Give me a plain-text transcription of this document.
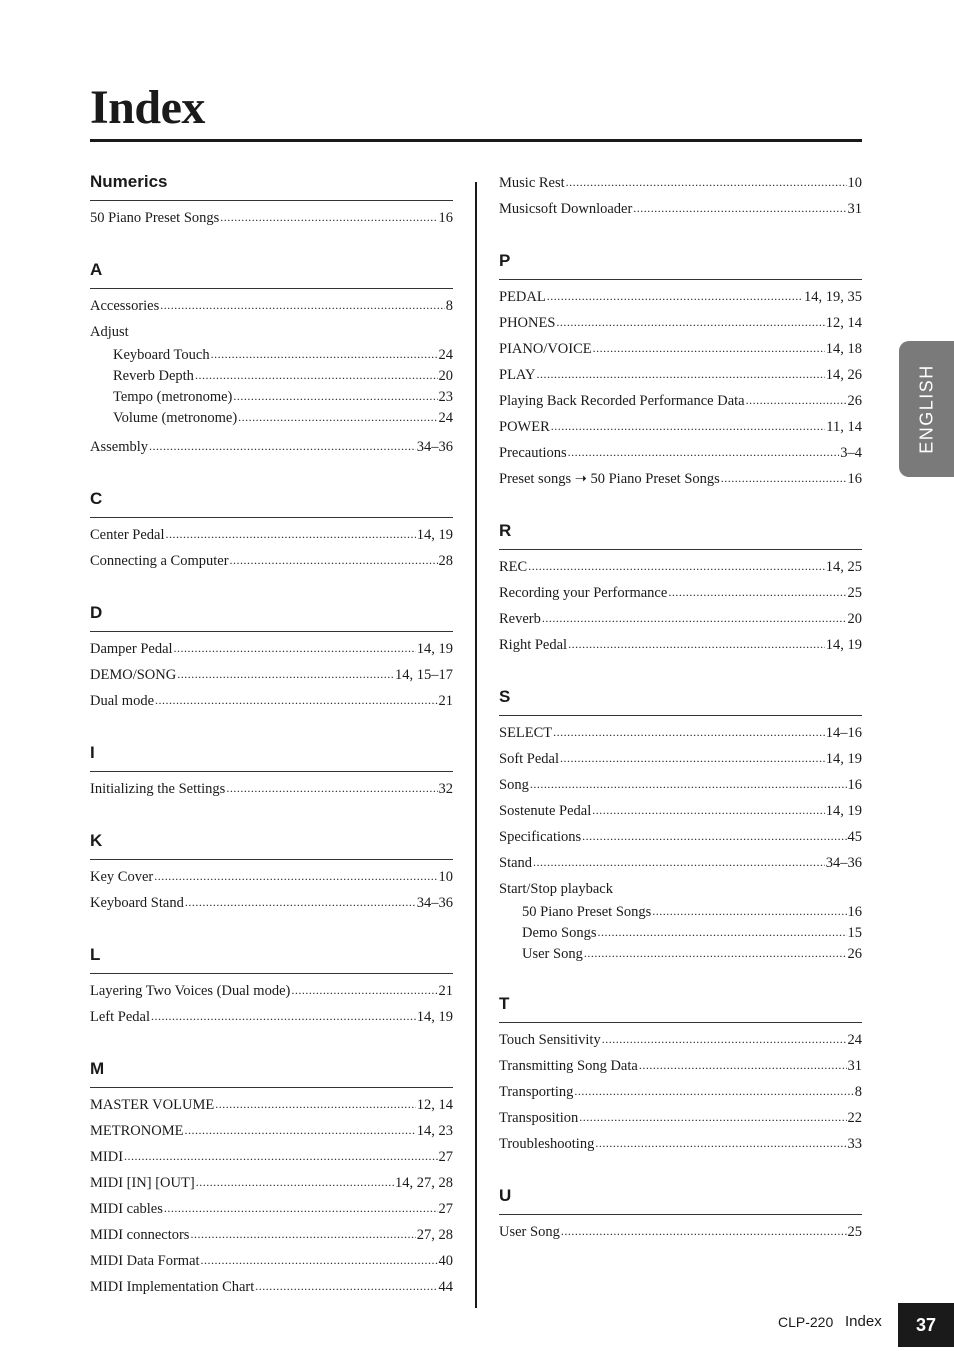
Index
Numerics
50 Piano Preset Songs .....	16
A
Accessories .....	8
Adjust
Keyboard Touch .....	24
Reverb Depth .....	20
Tempo (metronome) .....	23
Volume (metronome) .....	24
Assembly .....	34–36
C
Center Pedal .....	14, 19
Connecting a Computer .....	28
D
Damper Pedal .....	14, 19
DEMO/SONG .....	14, 15–17
Dual mode .....	21
I
Initializing the Settings .....	32
K
Key Cover .....	10
Keyboard Stand .....	34–36
L
Layering Two Voices (Dual mode) .....	21
Left Pedal .....	14, 19
M
MASTER VOLUME .....	12, 14
METRONOME .....	14, 23
MIDI .....	27
MIDI [IN] [OUT] .....	14, 27, 28
MIDI cables .....	27
MIDI connectors .....	27, 28
MIDI Data Format .....	40
MIDI Implementation Chart .....	44
Music Rest .....	10
Musicsoft Downloader .....	31
P
PEDAL .....	14, 19, 35
PHONES .....	12, 14
PIANO/VOICE .....	14, 18
PLAY .....	14, 26
Playing Back Recorded Performance Data .....	26
POWER .....	11, 14
Precautions .....	3–4
Preset songs ➝ 50 Piano Preset Songs .....	16
R
REC .....	14, 25
Recording your Performance .....	25
Reverb .....	20
Right Pedal .....	14, 19
S
SELECT .....	14–16
Soft Pedal .....	14, 19
Song .....	16
Sostenute Pedal .....	14, 19
Specifications .....	45
Stand .....	34–36
Start/Stop playback
50 Piano Preset Songs .....	16
Demo Songs .....	15
User Song .....	26
T
Touch Sensitivity .....	24
Transmitting Song Data .....	31
Transporting .....	8
Transposition .....	22
Troubleshooting .....	33
U
User Song .....	25
ENGLISH
CLP-220 Index	37
